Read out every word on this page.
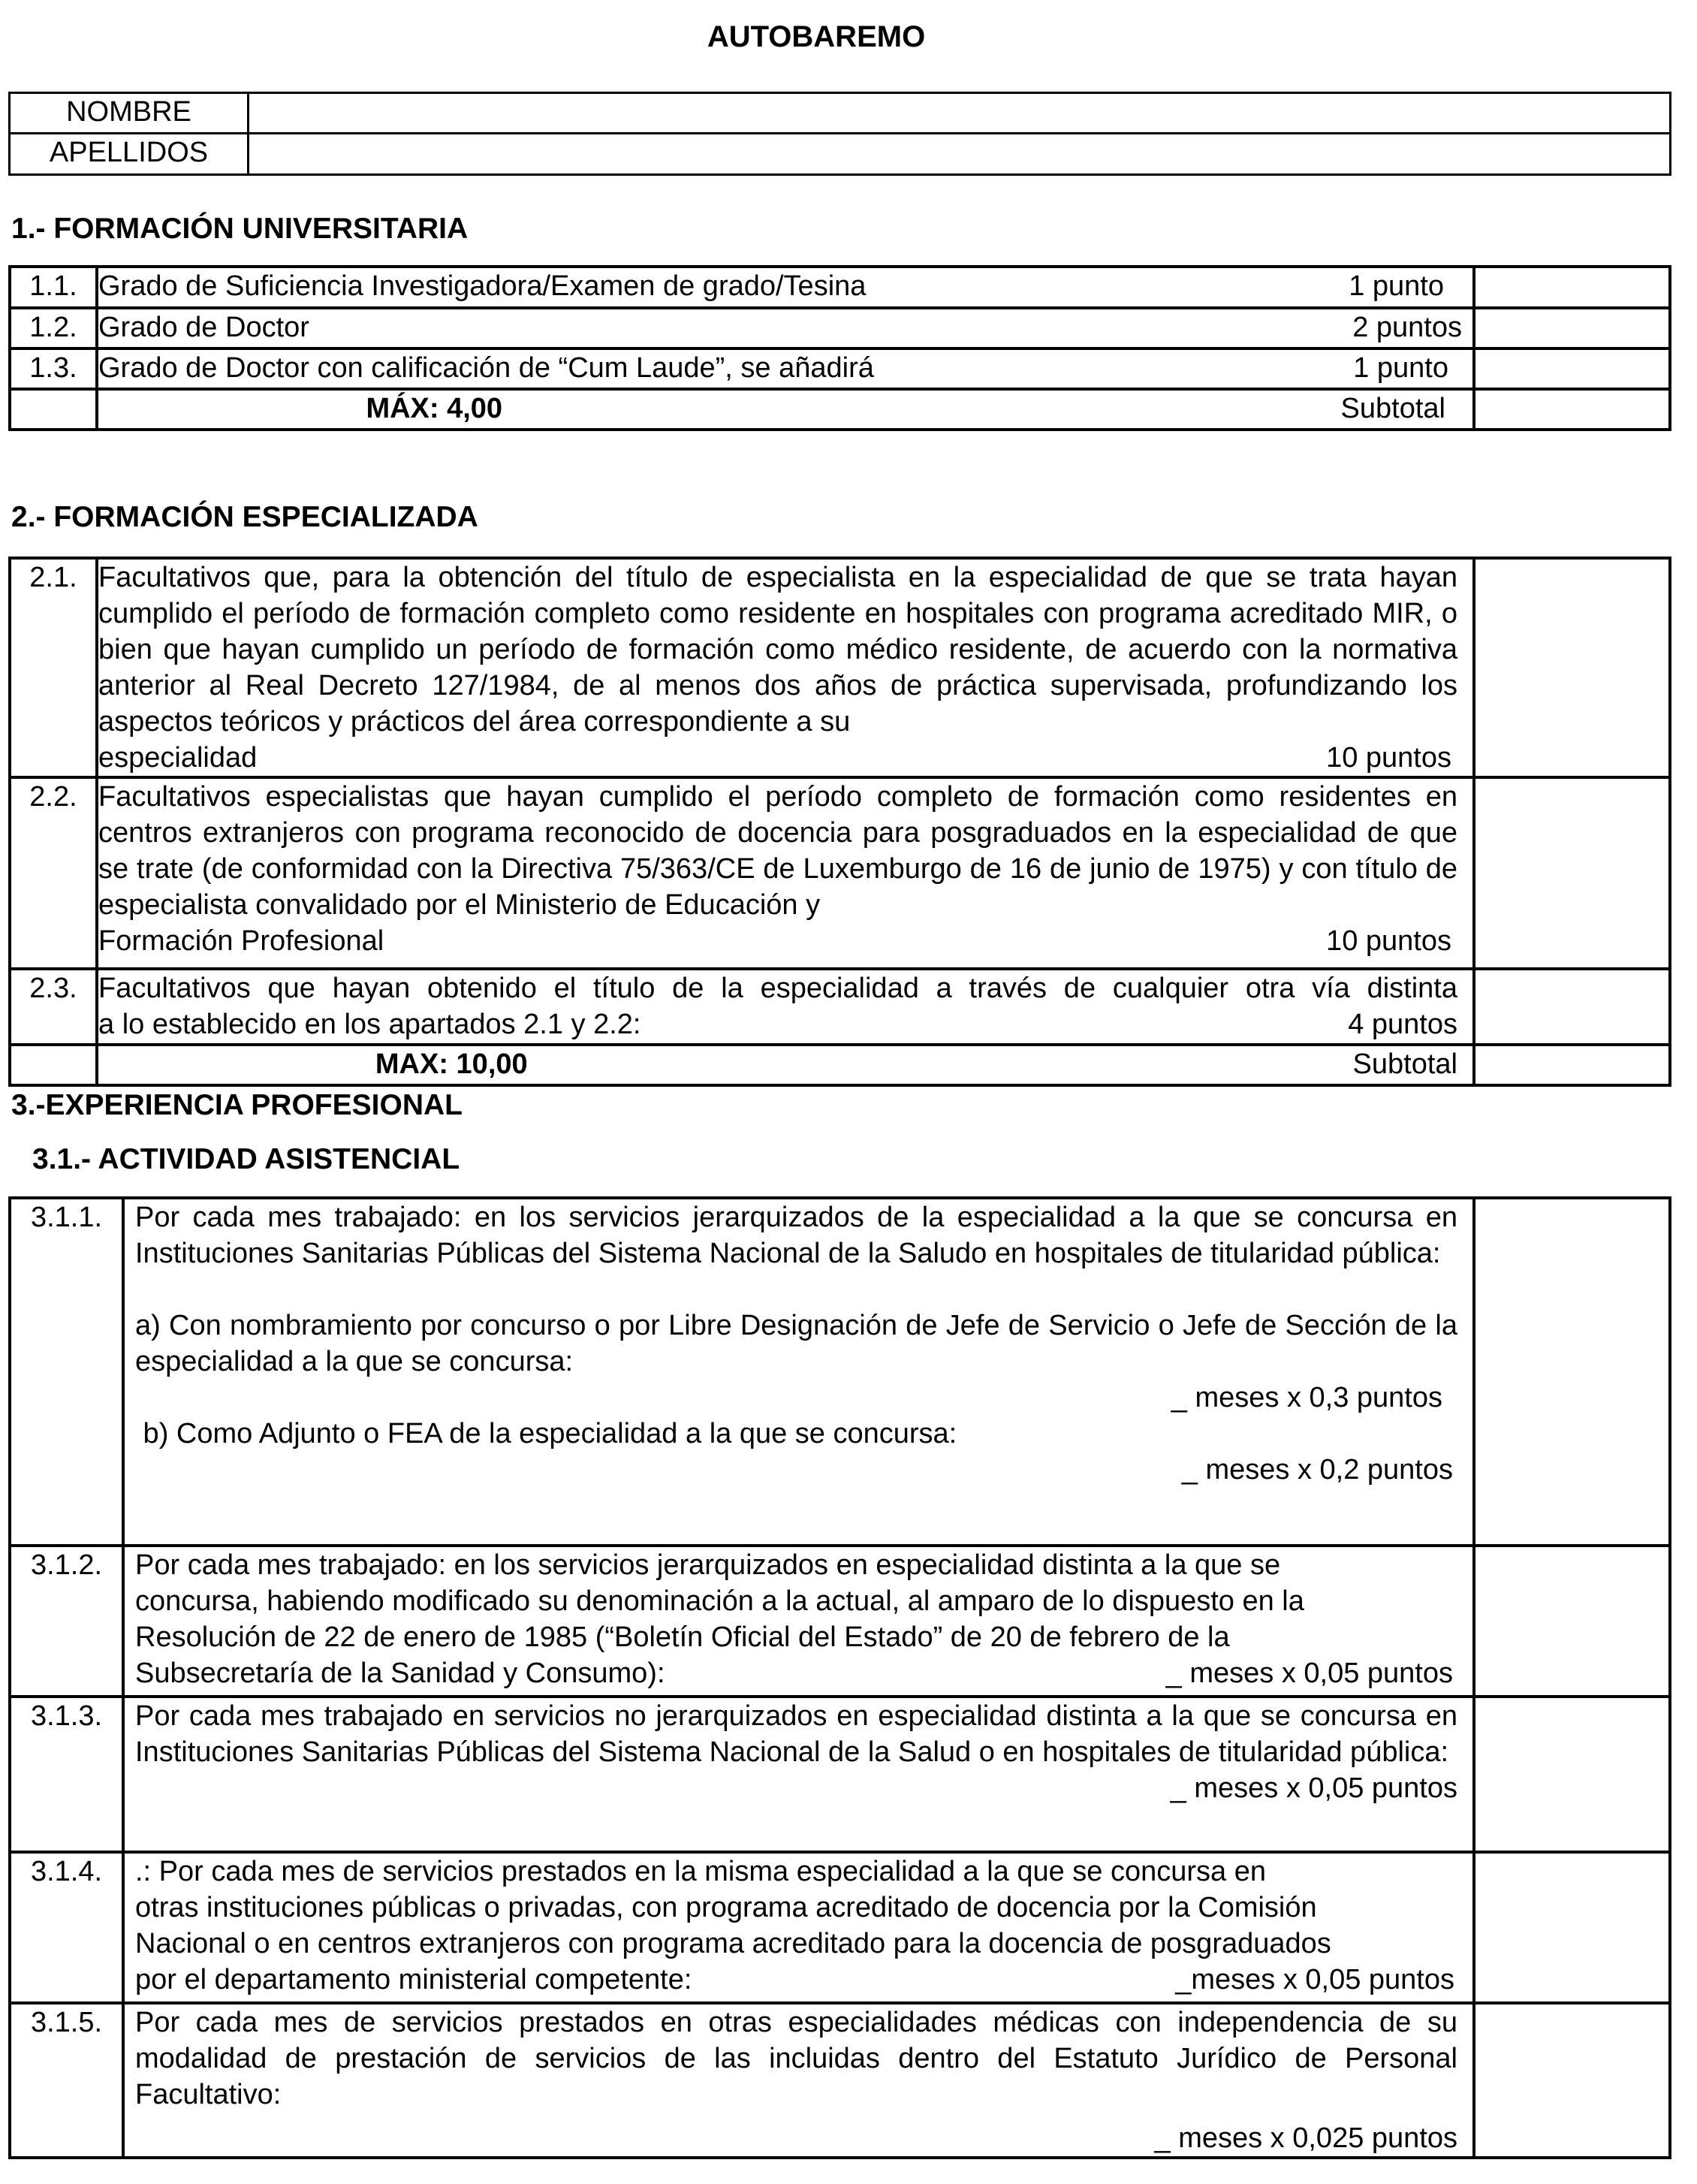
AUTOBAREMO
NOMBRE	
APELLIDOS	
1.- FORMACIÓN UNIVERSITARIA
1.1.	Grado de Suficiencia Investigadora/Examen de grado/Tesina 1 punto	

1.2.	Grado de Doctor 2 puntos	

1.3.	Grado de Doctor con calificación de “Cum Laude”, se añadirá 1 punto	

	MÁX: 4,00 Subtotal	

2.- FORMACIÓN ESPECIALIZADA
2.1.	Facultativos que, para la obtención del título de especialista en la especialidad de que se trata hayan cumplido el período de formación completo como residente en hospitales con programa acreditado MIR, o bien que hayan cumplido un período de formación como médico residente, de acuerdo con la normativa anterior al Real Decreto 127/1984, de al menos dos años de práctica supervisada, profundizando los aspectos teóricos y prácticos del área correspondiente a su
especialidad 10 puntos	

2.2.	Facultativos especialistas que hayan cumplido el período completo de formación como residentes en centros extranjeros con programa reconocido de docencia para posgraduados en la especialidad de que se trate (de conformidad con la Directiva 75/363/CE de Luxemburgo de 16 de junio de 1975) y con título de especialista convalidado por el Ministerio de Educación y
Formación Profesional 10 puntos	

2.3.	Facultativos que hayan obtenido el título de la especialidad a través de cualquier otra vía distinta
a lo establecido en los apartados 2.1 y 2.2: 4 puntos	

	MAX: 10,00 Subtotal	

3.-EXPERIENCIA PROFESIONAL
3.1.- ACTIVIDAD ASISTENCIAL
3.1.1.	Por cada mes trabajado: en los servicios jerarquizados de la especialidad a la que se concursa en Instituciones Sanitarias Públicas del Sistema Nacional de la Saludo en hospitales de titularidad pública:
a) Con nombramiento por concurso o por Libre Designación de Jefe de Servicio o Jefe de Sección de la especialidad a la que se concursa:
_ meses x 0,3 puntos
b) Como Adjunto o FEA de la especialidad a la que se concursa:
_ meses x 0,2 puntos	

3.1.2.	Por cada mes trabajado: en los servicios jerarquizados en especialidad distinta a la que se
concursa, habiendo modificado su denominación a la actual, al amparo de lo dispuesto en la
Resolución de 22 de enero de 1985 (“Boletín Oficial del Estado” de 20 de febrero de la
Subsecretaría de la Sanidad y Consumo): _ meses x 0,05 puntos	

3.1.3.	Por cada mes trabajado en servicios no jerarquizados en especialidad distinta a la que se concursa en Instituciones Sanitarias Públicas del Sistema Nacional de la Salud o en hospitales de titularidad pública:
_ meses x 0,05 puntos	

3.1.4.	.: Por cada mes de servicios prestados en la misma especialidad a la que se concursa en
otras instituciones públicas o privadas, con programa acreditado de docencia por la Comisión
Nacional o en centros extranjeros con programa acreditado para la docencia de posgraduados
por el departamento ministerial competente: _meses x 0,05 puntos	

3.1.5.	Por cada mes de servicios prestados en otras especialidades médicas con independencia de su modalidad de prestación de servicios de las incluidas dentro del Estatuto Jurídico de Personal Facultativo:
_ meses x 0,025 puntos	
